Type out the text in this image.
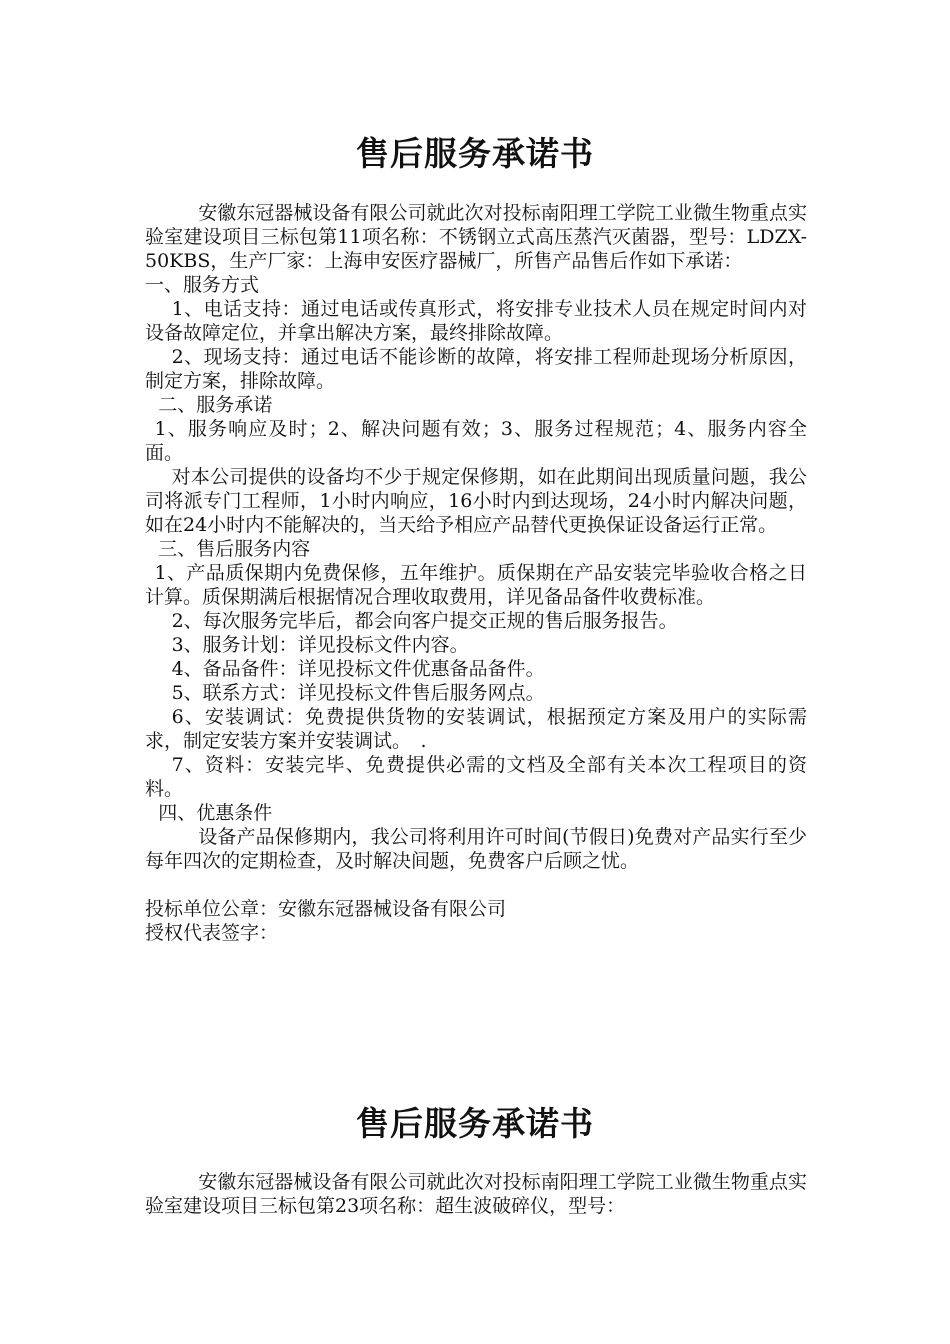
售后服务承诺书

安徽东冠器械设备有限公司就此次对投标南阳理工学院工业微生物重点实验室建设项目三标包第11项名称：不锈钢立式高压蒸汽灭菌器，型号：LDZX-50KBS，生产厂家：上海申安医疗器械厂，所售产品售后作如下承诺：

一、服务方式

1、电话支持：通过电话或传真形式，将安排专业技术人员在规定时间内对设备故障定位，并拿出解决方案，最终排除故障。

2、现场支持：通过电话不能诊断的故障，将安排工程师赴现场分析原因，制定方案，排除故障。

二、服务承诺

1、服务响应及时；2、解决问题有效；3、服务过程规范；4、服务内容全面。

对本公司提供的设备均不少于规定保修期，如在此期间出现质量问题，我公司将派专门工程师，1小时内响应，16小时内到达现场，24小时内解决问题，如在24小时内不能解决的，当天给予相应产品替代更换保证设备运行正常。

三、售后服务内容

1、产品质保期内免费保修，五年维护。质保期在产品安装完毕验收合格之日计算。质保期满后根据情况合理收取费用，详见备品备件收费标准。

2、每次服务完毕后，都会向客户提交正规的售后服务报告。

3、服务计划：详见投标文件内容。

4、备品备件：详见投标文件优惠备品备件。

5、联系方式：详见投标文件售后服务网点。

6、安装调试：免费提供货物的安装调试，根据预定方案及用户的实际需求，制定安装方案并安装调试。　.

7、资料：安装完毕、免费提供必需的文档及全部有关本次工程项目的资料。

四、优惠条件

设备产品保修期内，我公司将利用许可时间(节假日)免费对产品实行至少每年四次的定期检查，及时解决间题，免费客户后顾之忧。

投标单位公章：安徽东冠器械设备有限公司

授权代表签字：

售后服务承诺书

安徽东冠器械设备有限公司就此次对投标南阳理工学院工业微生物重点实验室建设项目三标包第23项名称：超生波破碎仪，型号：
